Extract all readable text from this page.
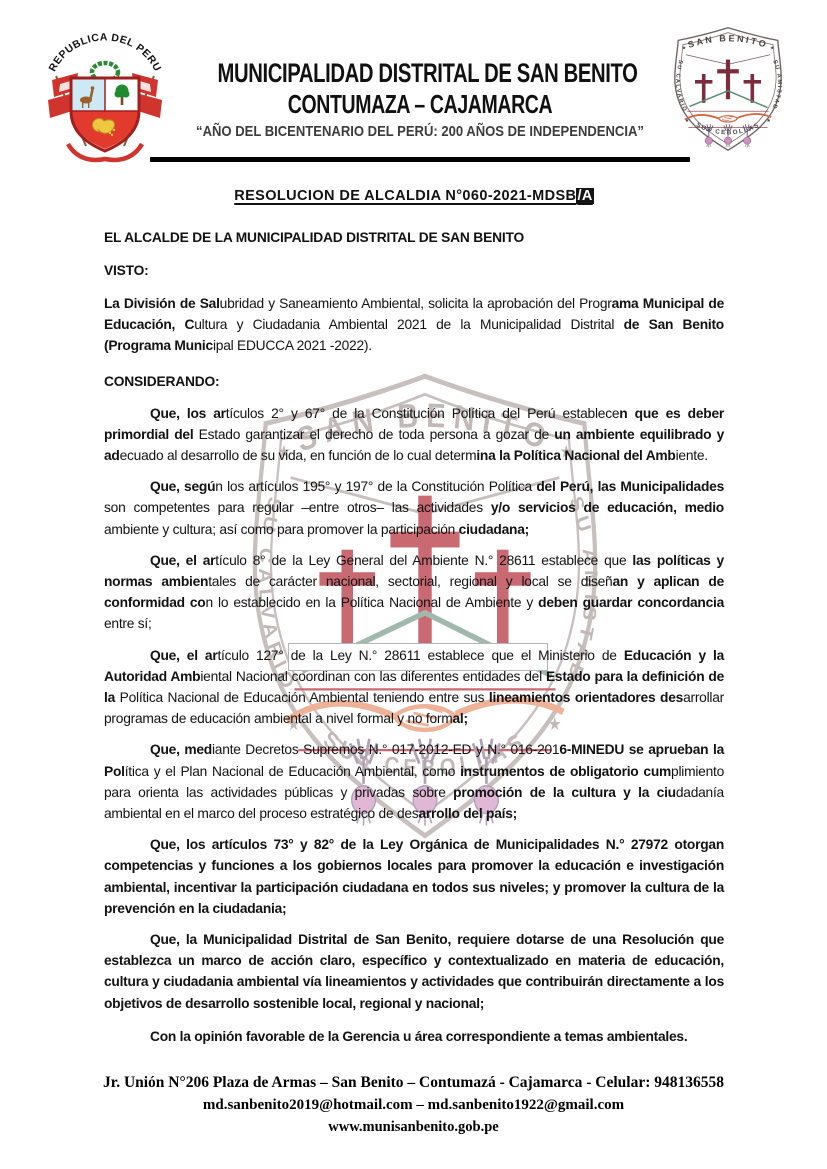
MUNICIPALIDAD DISTRITAL DE SAN BENITO
CONTUMAZA – CAJAMARCA
“AÑO DEL BICENTENARIO DEL PERÚ: 200 AÑOS DE INDEPENDENCIA”
RESOLUCION DE ALCALDIA N°060-2021-MDSB/A
EL ALCALDE DE LA MUNICIPALIDAD DISTRITAL DE SAN BENITO
VISTO:
La División de Salubridad y Saneamiento Ambiental, solicita la aprobación del Programa Municipal de Educación, Cultura y Ciudadania Ambiental 2021 de la Municipalidad Distrital de San Benito (Programa Municipal EDUCCA 2021 -2022).
CONSIDERANDO:
Que, los artículos 2° y 67° de la Constitución Política del Perú establecen que es deber primordial del Estado garantizar el derecho de toda persona a gozar de un ambiente equilibrado y adecuado al desarrollo de su vida, en función de lo cual determina la Política Nacional del Ambiente.
Que, según los artículos 195° y 197° de la Constitución Política del Perú, las Municipalidades son competentes para regular –entre otros– las actividades y/o servicios de educación, medio ambiente y cultura; así como para promover la participación ciudadana;
Que, el artículo 8° de la Ley General del Ambiente N.° 28611 establece que las políticas y normas ambientales de carácter nacional, sectorial, regional y local se diseñan y aplican de conformidad con lo establecido en la Política Nacional de Ambiente y deben guardar concordancia entre sí;
Que, el artículo 127° de la Ley N.° 28611 establece que el Ministerio de Educación y la Autoridad Ambiental Nacional coordinan con las diferentes entidades del Estado para la definición de la Política Nacional de Educación Ambiental teniendo entre sus lineamientos orientadores desarrollar programas de educación ambiental a nivel formal y no formal;
Que, mediante Decretos Supremos N.° 017-2012-ED y N.° 016-2016-MINEDU se aprueban la Política y el Plan Nacional de Educación Ambiental, como instrumentos de obligatorio cumplimiento para orienta las actividades públicas y privadas sobre promoción de la cultura y la ciudadanía ambiental en el marco del proceso estratégico de desarrollo del país;
Que, los artículos 73° y 82° de la Ley Orgánica de Municipalidades N.° 27972 otorgan competencias y funciones a los gobiernos locales para promover la educación e investigación ambiental, incentivar la participación ciudadana en todos sus niveles; y promover la cultura de la prevención en la ciudadania;
Que, la Municipalidad Distrital de San Benito, requiere dotarse de una Resolución que establezca un marco de acción claro, específico y contextualizado en materia de educación, cultura y ciudadania ambiental vía lineamientos y actividades que contribuirán directamente a los objetivos de desarrollo sostenible local, regional y nacional;
Con la opinión favorable de la Gerencia u área correspondiente a temas ambientales.
Jr. Unión N°206 Plaza de Armas – San Benito – Contumazá - Cajamarca - Celular: 948136558
md.sanbenito2019@hotmail.com – md.sanbenito1922@gmail.com
www.munisanbenito.gob.pe
